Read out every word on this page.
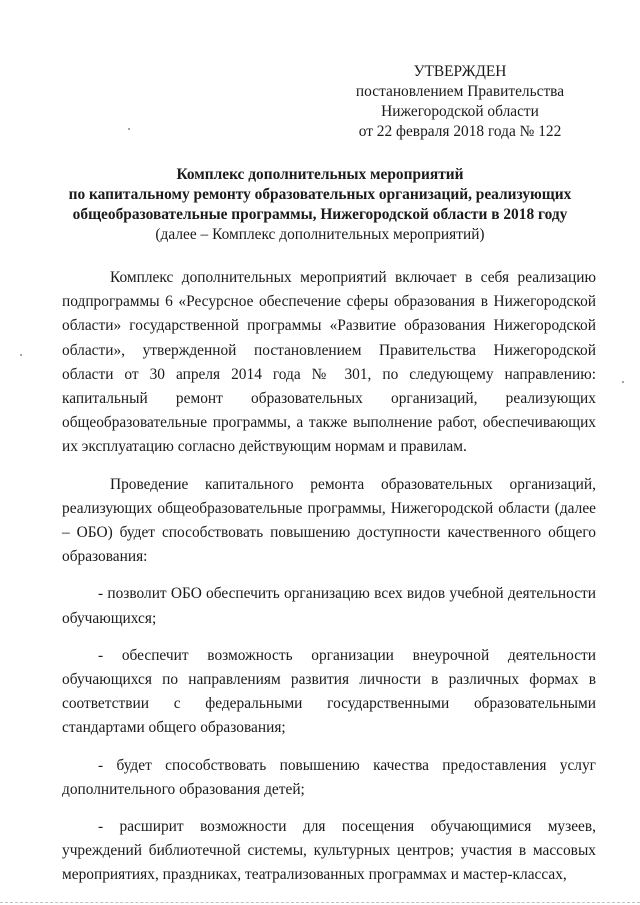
УТВЕРЖДЕН
постановлением Правительства
Нижегородской области
от 22 февраля 2018 года № 122
Комплекс дополнительных мероприятий
по капитальному ремонту образовательных организаций, реализующих
общеобразовательные программы, Нижегородской области в 2018 году
(далее – Комплекс дополнительных мероприятий)

Комплекс дополнительных мероприятий включает в себя реализацию подпрограммы 6 «Ресурсное обеспечение сферы образования в Нижегородской области» государственной программы «Развитие образования Нижегородской области», утвержденной постановлением Правительства Нижегородской области от 30 апреля 2014 года № 301, по следующему направлению: капитальный ремонт образовательных организаций, реализующих общеобразовательные программы, а также выполнение работ, обеспечивающих их эксплуатацию согласно действующим нормам и правилам.

Проведение капитального ремонта образовательных организаций, реализующих общеобразовательные программы, Нижегородской области (далее – ОБО) будет способствовать повышению доступности качественного общего образования:

- позволит ОБО обеспечить организацию всех видов учебной деятельности обучающихся;

- обеспечит возможность организации внеурочной деятельности обучающихся по направлениям развития личности в различных формах в соответствии с федеральными государственными образовательными стандартами общего образования;

- будет способствовать повышению качества предоставления услуг дополнительного образования детей;

- расширит возможности для посещения обучающимися музеев, учреждений библиотечной системы, культурных центров; участия в массовых мероприятиях, праздниках, театрализованных программах и мастер-классах,
